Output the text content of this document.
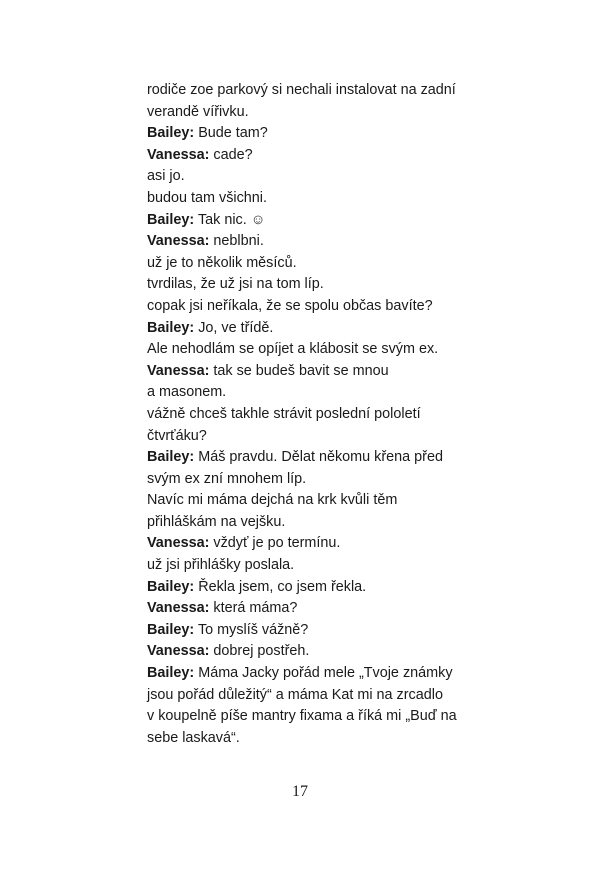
rodiče zoe parkový si nechali instalovat na zadní
verandě vířivku.
Bailey: Bude tam?
Vanessa: cade?
asi jo.
budou tam všichni.
Bailey: Tak nic. ☺
Vanessa: neblbni.
už je to několik měsíců.
tvrdilas, že už jsi na tom líp.
copak jsi neříkala, že se spolu občas bavíte?
Bailey: Jo, ve třídě.
Ale nehodlám se opíjet a klábosit se svým ex.
Vanessa: tak se budeš bavit se mnou
a masonem.
vážně chceš takhle strávit poslední pololetí
čtvrťáku?
Bailey: Máš pravdu. Dělat někomu křena před
svým ex zní mnohem líp.
Navíc mi máma dejchá na krk kvůli těm
přihláškám na vejšku.
Vanessa: vždyť je po termínu.
už jsi přihlášky poslala.
Bailey: Řekla jsem, co jsem řekla.
Vanessa: která máma?
Bailey: To myslíš vážně?
Vanessa: dobrej postřeh.
Bailey: Máma Jacky pořád mele „Tvoje známky
jsou pořád důležitý“ a máma Kat mi na zrcadlo
v koupelně píše mantry fixama a říká mi „Buď na
sebe laskavá“.
17
